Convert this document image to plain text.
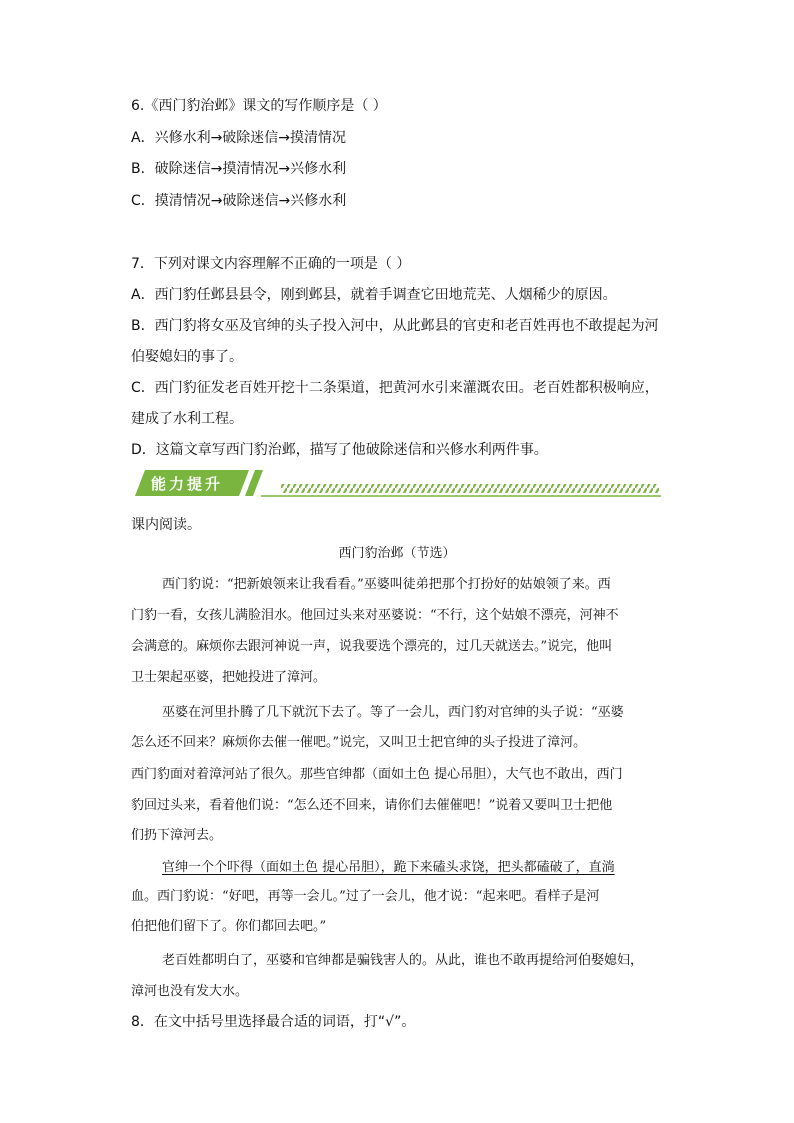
6.《西门豹治邺》课文的写作顺序是（ ）
A．兴修水利→破除迷信→摸清情况
B．破除迷信→摸清情况→兴修水利
C．摸清情况→破除迷信→兴修水利
7．下列对课文内容理解不正确的一项是（ ）
A．西门豹任邺县县令，刚到邺县，就着手调查它田地荒芜、人烟稀少的原因。
B．西门豹将女巫及官绅的头子投入河中，从此邺县的官吏和老百姓再也不敢提起为河
伯娶媳妇的事了。
C．西门豹征发老百姓开挖十二条渠道，把黄河水引来灌溉农田。老百姓都积极响应，
建成了水利工程。
D．这篇文章写西门豹治邺，描写了他破除迷信和兴修水利两件事。
能力提升
课内阅读。
西门豹治邺（节选）
西门豹说：“把新娘领来让我看看。”巫婆叫徒弟把那个打扮好的姑娘领了来。西
门豹一看，女孩儿满脸泪水。他回过头来对巫婆说：“不行，这个姑娘不漂亮，河神不
会满意的。麻烦你去跟河神说一声，说我要选个漂亮的，过几天就送去。”说完，他叫
卫士架起巫婆，把她投进了漳河。
巫婆在河里扑腾了几下就沉下去了。等了一会儿，西门豹对官绅的头子说：“巫婆
怎么还不回来？麻烦你去催一催吧。”说完，又叫卫士把官绅的头子投进了漳河。
西门豹面对着漳河站了很久。那些官绅都（面如土色 提心吊胆），大气也不敢出，西门
豹回过头来，看着他们说：“怎么还不回来，请你们去催催吧！”说着又要叫卫士把他
们扔下漳河去。
官绅一个个吓得（面如土色 提心吊胆），跪下来磕头求饶，把头都磕破了，直淌
血。西门豹说：“好吧，再等一会儿。”过了一会儿，他才说：“起来吧。看样子是河
伯把他们留下了。你们都回去吧。”
老百姓都明白了，巫婆和官绅都是骗钱害人的。从此，谁也不敢再提给河伯娶媳妇，
漳河也没有发大水。
8．在文中括号里选择最合适的词语，打“√”。
